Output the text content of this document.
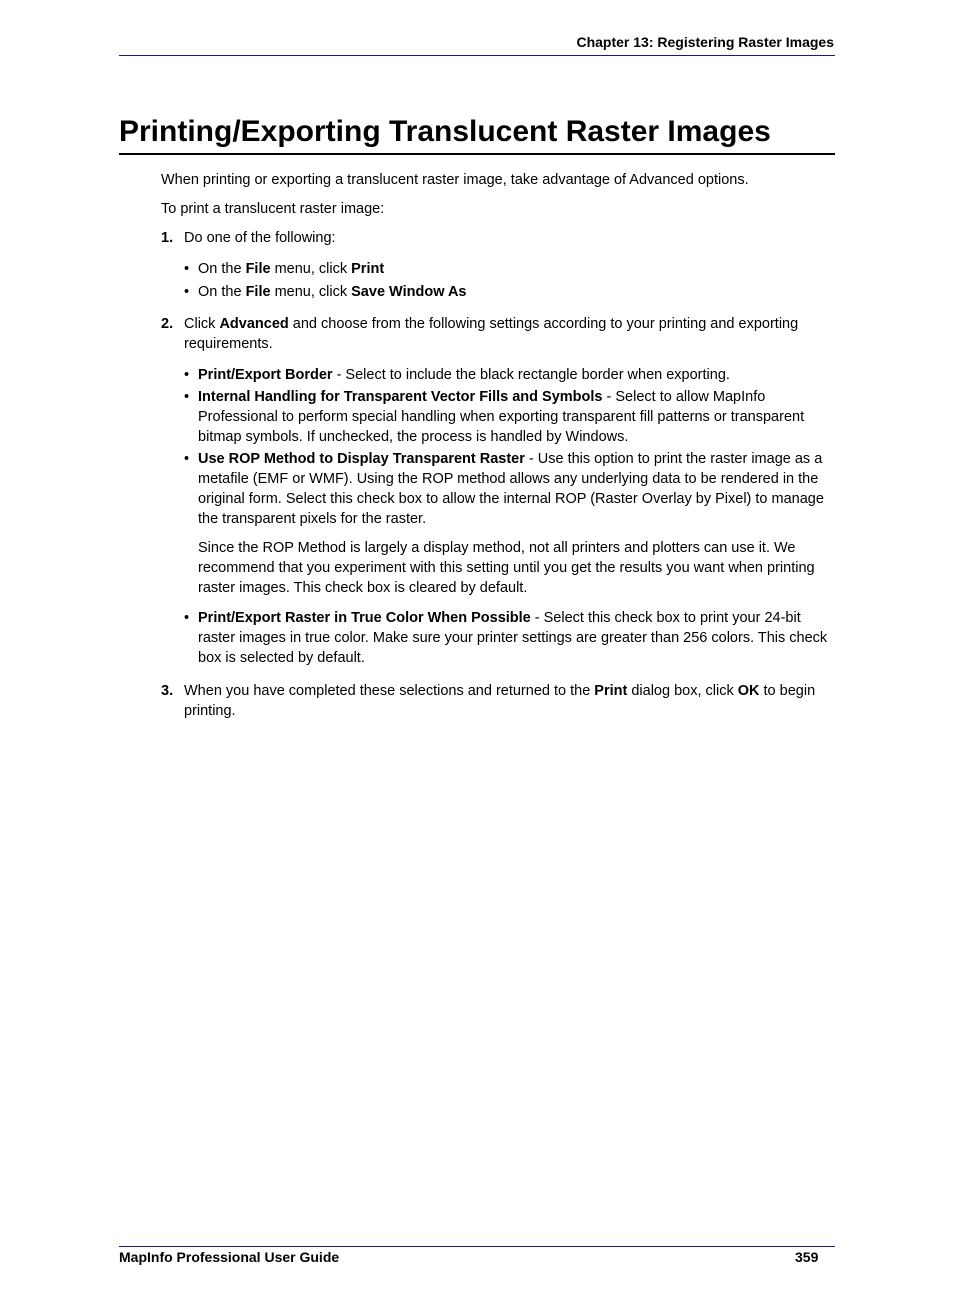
Chapter 13: Registering Raster Images
Printing/Exporting Translucent Raster Images

When printing or exporting a translucent raster image, take advantage of Advanced options.

To print a translucent raster image:

1. Do one of the following:

• On the File menu, click Print
• On the File menu, click Save Window As
2. Click Advanced and choose from the following settings according to your printing and exporting requirements.

• Print/Export Border - Select to include the black rectangle border when exporting.
• Internal Handling for Transparent Vector Fills and Symbols - Select to allow MapInfo Professional to perform special handling when exporting transparent fill patterns or transparent bitmap symbols. If unchecked, the process is handled by Windows.
• Use ROP Method to Display Transparent Raster - Use this option to print the raster image as a metafile (EMF or WMF). Using the ROP method allows any underlying data to be rendered in the original form. Select this check box to allow the internal ROP (Raster Overlay by Pixel) to manage the transparent pixels for the raster.

Since the ROP Method is largely a display method, not all printers and plotters can use it. We recommend that you experiment with this setting until you get the results you want when printing raster images. This check box is cleared by default.

• Print/Export Raster in True Color When Possible - Select this check box to print your 24-bit raster images in true color. Make sure your printer settings are greater than 256 colors. This check box is selected by default.
3. When you have completed these selections and returned to the Print dialog box, click OK to begin printing.

MapInfo Professional User Guide	359
